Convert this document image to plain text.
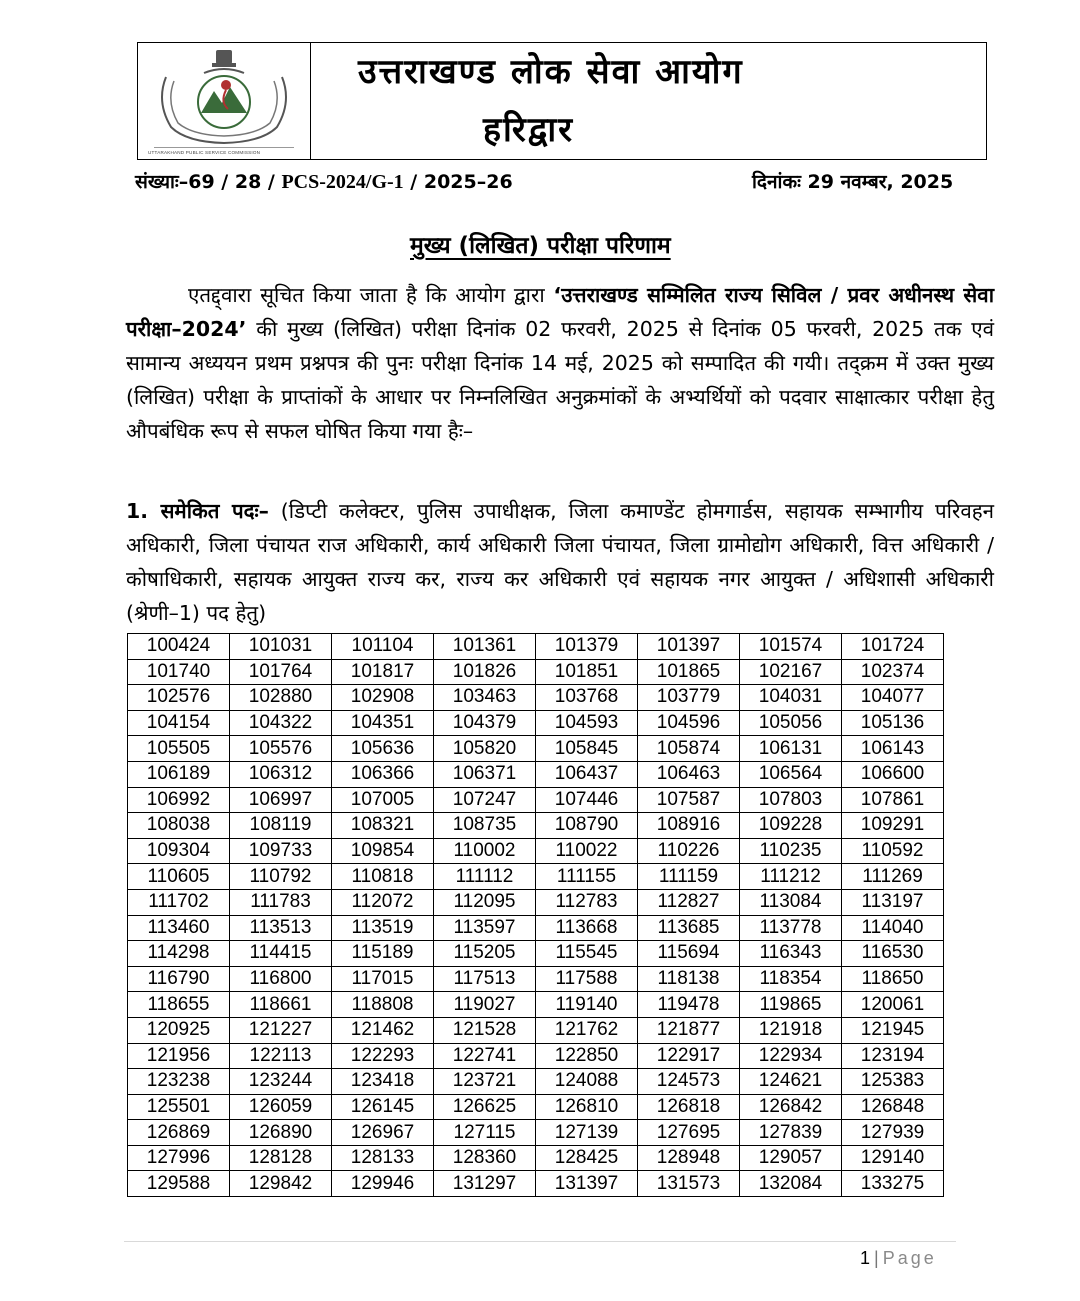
UTTARAKHAND PUBLIC SERVICE COMMISSION
उत्तराखण्ड लोक सेवा आयोग
हरिद्वार
संख्याः–69 / 28 / PCS-2024/G-1 / 2025–26	दिनांकः 29 नवम्बर, 2025
मुख्य (लिखित) परीक्षा परिणाम
एतद्द्वारा सूचित किया जाता है कि आयोग द्वारा ‘उत्तराखण्ड सम्मिलित राज्य सिविल / प्रवर अधीनस्थ सेवा परीक्षा–2024’ की मुख्य (लिखित) परीक्षा दिनांक 02 फरवरी, 2025 से दिनांक 05 फरवरी, 2025 तक एवं सामान्य अध्ययन प्रथम प्रश्नपत्र की पुनः परीक्षा दिनांक 14 मई, 2025 को सम्पादित की गयी। तद्क्रम में उक्त मुख्य (लिखित) परीक्षा के प्राप्तांकों के आधार पर निम्नलिखित अनुक्रमांकों के अभ्यर्थियों को पदवार साक्षात्कार परीक्षा हेतु औपबंधिक रूप से सफल घोषित किया गया हैः–
1. समेकित पदः– (डिप्टी कलेक्टर, पुलिस उपाधीक्षक, जिला कमाण्डेंट होमगार्डस, सहायक सम्भागीय परिवहन अधिकारी, जिला पंचायत राज अधिकारी, कार्य अधिकारी जिला पंचायत, जिला ग्रामोद्योग अधिकारी, वित्त अधिकारी / कोषाधिकारी, सहायक आयुक्त राज्य कर, राज्य कर अधिकारी एवं सहायक नगर आयुक्त / अधिशासी अधिकारी (श्रेणी–1) पद हेतु)
100424	101031	101104	101361	101379	101397	101574	101724
101740	101764	101817	101826	101851	101865	102167	102374
102576	102880	102908	103463	103768	103779	104031	104077
104154	104322	104351	104379	104593	104596	105056	105136
105505	105576	105636	105820	105845	105874	106131	106143
106189	106312	106366	106371	106437	106463	106564	106600
106992	106997	107005	107247	107446	107587	107803	107861
108038	108119	108321	108735	108790	108916	109228	109291
109304	109733	109854	110002	110022	110226	110235	110592
110605	110792	110818	111112	111155	111159	111212	111269
111702	111783	112072	112095	112783	112827	113084	113197
113460	113513	113519	113597	113668	113685	113778	114040
114298	114415	115189	115205	115545	115694	116343	116530
116790	116800	117015	117513	117588	118138	118354	118650
118655	118661	118808	119027	119140	119478	119865	120061
120925	121227	121462	121528	121762	121877	121918	121945
121956	122113	122293	122741	122850	122917	122934	123194
123238	123244	123418	123721	124088	124573	124621	125383
125501	126059	126145	126625	126810	126818	126842	126848
126869	126890	126967	127115	127139	127695	127839	127939
127996	128128	128133	128360	128425	128948	129057	129140
129588	129842	129946	131297	131397	131573	132084	133275
1 | Page
